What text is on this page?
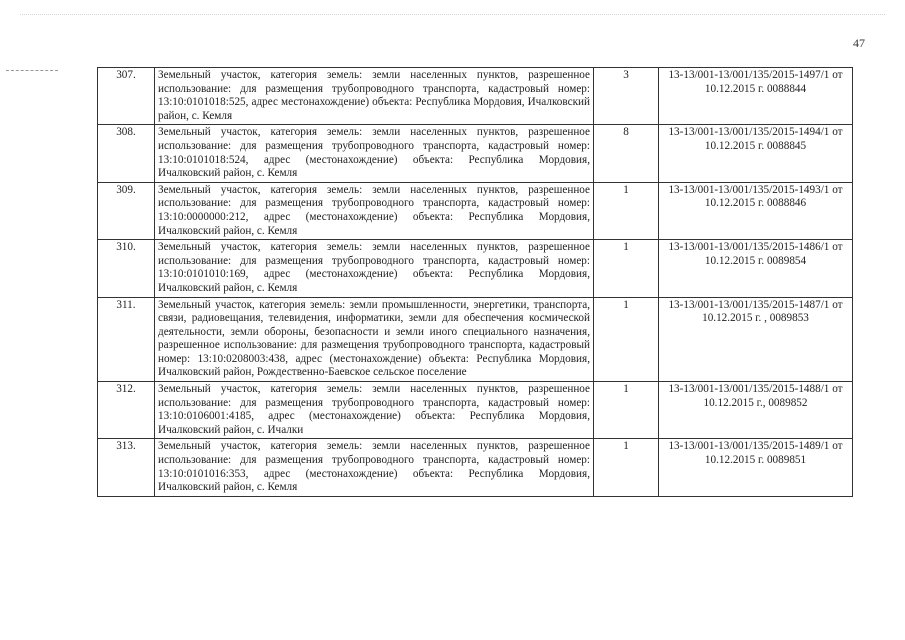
47
307.	Земельный участок, категория земель: земли населенных пунктов, разрешенное использование: для размещения трубопроводного транспорта, кадастровый номер: 13:10:0101018:525, адрес местонахождение) объекта: Республика Мордовия, Ичалковский район, с. Кемля	3	13-13/001-13/001/135/2015-1497/1 от 10.12.2015 г. 0088844
308.	Земельный участок, категория земель: земли населенных пунктов, разрешенное использование: для размещения трубопроводного транспорта, кадастровый номер: 13:10:0101018:524, адрес (местонахождение) объекта: Республика Мордовия, Ичалковский район, с. Кемля	8	13-13/001-13/001/135/2015-1494/1 от 10.12.2015 г. 0088845
309.	Земельный участок, категория земель: земли населенных пунктов, разрешенное использование: для размещения трубопроводного транспорта, кадастровый номер: 13:10:0000000:212, адрес (местонахождение) объекта: Республика Мордовия, Ичалковский район, с. Кемля	1	13-13/001-13/001/135/2015-1493/1 от 10.12.2015 г. 0088846
310.	Земельный участок, категория земель: земли населенных пунктов, разрешенное использование: для размещения трубопроводного транспорта, кадастровый номер: 13:10:0101010:169, адрес (местонахождение) объекта: Республика Мордовия, Ичалковский район, с. Кемля	1	13-13/001-13/001/135/2015-1486/1 от 10.12.2015 г. 0089854
311.	Земельный участок, категория земель: земли промышленности, энергетики, транспорта, связи, радиовещания, телевидения, информатики, земли для обеспечения космической деятельности, земли обороны, безопасности и земли иного специального назначения, разрешенное использование: для размещения трубопроводного транспорта, кадастровый номер: 13:10:0208003:438, адрес (местонахождение) объекта: Республика Мордовия, Ичалковский район, Рождественно-Баевское сельское поселение	1	13-13/001-13/001/135/2015-1487/1 от 10.12.2015 г. , 0089853
312.	Земельный участок, категория земель: земли населенных пунктов, разрешенное использование: для размещения трубопроводного транспорта, кадастровый номер: 13:10:0106001:4185, адрес (местонахождение) объекта: Республика Мордовия, Ичалковский район, с. Ичалки	1	13-13/001-13/001/135/2015-1488/1 от 10.12.2015 г., 0089852
313.	Земельный участок, категория земель: земли населенных пунктов, разрешенное использование: для размещения трубопроводного транспорта, кадастровый номер: 13:10:0101016:353, адрес (местонахождение) объекта: Республика Мордовия, Ичалковский район, с. Кемля	1	13-13/001-13/001/135/2015-1489/1 от 10.12.2015 г. 0089851
